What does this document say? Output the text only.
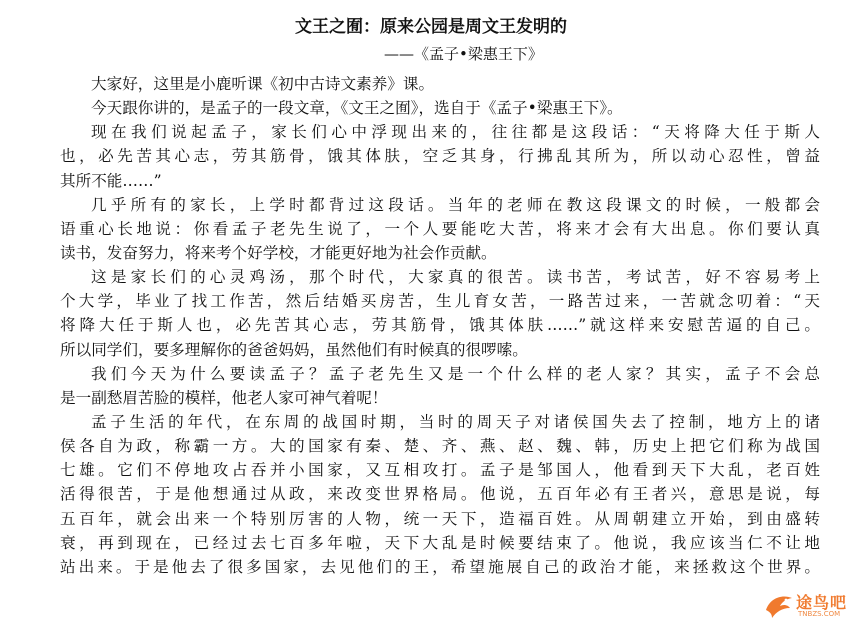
文王之囿：原来公园是周文王发明的
——《孟子•梁惠王下》
大家好，这里是小鹿听课《初中古诗文素养》课。
今天跟你讲的，是孟子的一段文章，《文王之囿》，选自于《孟子•梁惠王下》。
现在我们说起孟子，家长们心中浮现出来的，往往都是这段话：“天将降大任于斯人
也，必先苦其心志，劳其筋骨，饿其体肤，空乏其身，行拂乱其所为，所以动心忍性，曾益
其所不能……”
几乎所有的家长，上学时都背过这段话。当年的老师在教这段课文的时候，一般都会
语重心长地说：你看孟子老先生说了，一个人要能吃大苦，将来才会有大出息。你们要认真
读书，发奋努力，将来考个好学校，才能更好地为社会作贡献。
这是家长们的心灵鸡汤，那个时代，大家真的很苦。读书苦，考试苦，好不容易考上
个大学，毕业了找工作苦，然后结婚买房苦，生儿育女苦，一路苦过来，一苦就念叨着：“天
将降大任于斯人也，必先苦其心志，劳其筋骨，饿其体肤……”就这样来安慰苦逼的自己。
所以同学们，要多理解你的爸爸妈妈，虽然他们有时候真的很啰嗦。
我们今天为什么要读孟子？孟子老先生又是一个什么样的老人家？其实，孟子不会总
是一副愁眉苦脸的模样，他老人家可神气着呢！
孟子生活的年代，在东周的战国时期，当时的周天子对诸侯国失去了控制，地方上的诸
侯各自为政，称霸一方。大的国家有秦、楚、齐、燕、赵、魏、韩，历史上把它们称为战国
七雄。它们不停地攻占吞并小国家，又互相攻打。孟子是邹国人，他看到天下大乱，老百姓
活得很苦，于是他想通过从政，来改变世界格局。他说，五百年必有王者兴，意思是说，每
五百年，就会出来一个特别厉害的人物，统一天下，造福百姓。从周朝建立开始，到由盛转
衰，再到现在，已经过去七百多年啦，天下大乱是时候要结束了。他说，我应该当仁不让地
站出来。于是他去了很多国家，去见他们的王，希望施展自己的政治才能，来拯救这个世界。
途鸟吧
TNBZS.COM
